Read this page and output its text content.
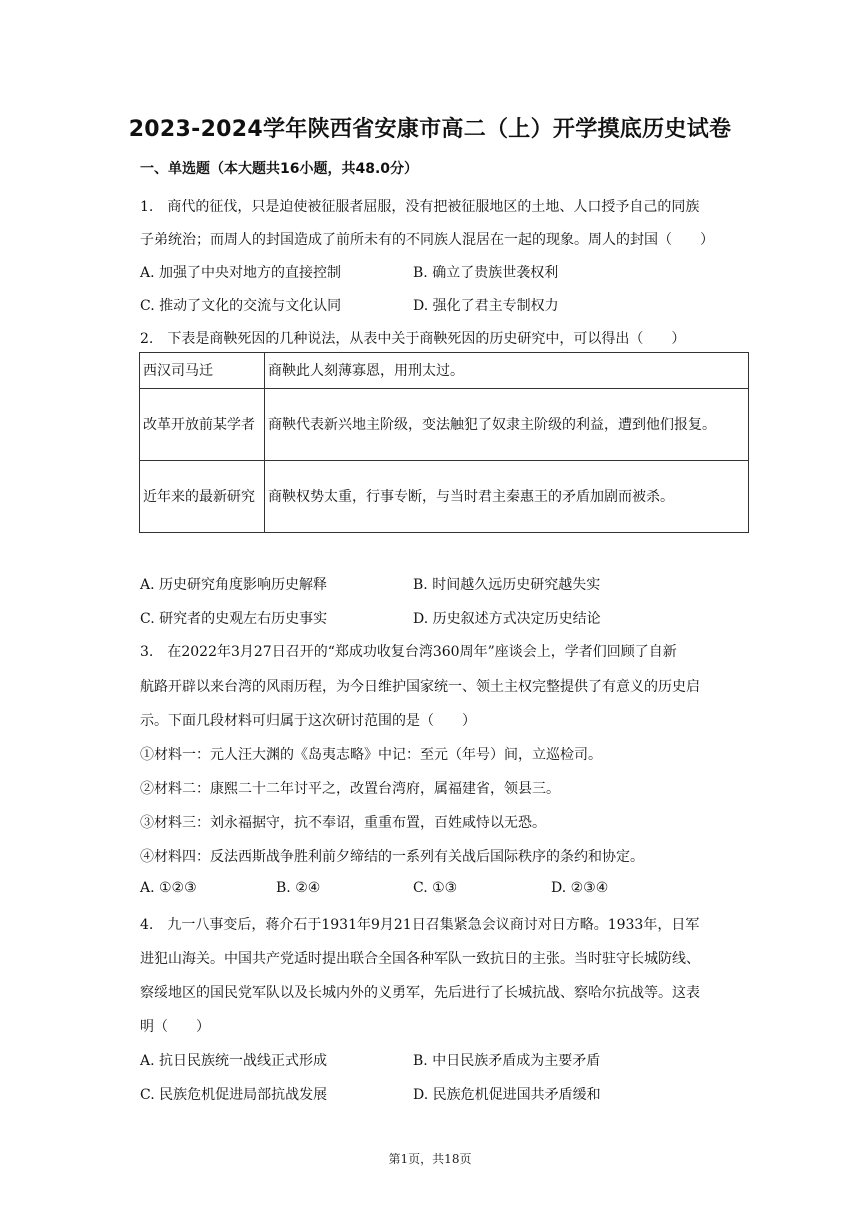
2023-2024学年陕西省安康市高二（上）开学摸底历史试卷
一、单选题（本大题共16小题，共48.0分）
1.　商代的征伐，只是迫使被征服者屈服，没有把被征服地区的土地、人口授予自己的同族
子弟统治；而周人的封国造成了前所未有的不同族人混居在一起的现象。周人的封国（　　）
A. 加强了中央对地方的直接控制	B. 确立了贵族世袭权利
C. 推动了文化的交流与文化认同	D. 强化了君主专制权力
2.　下表是商鞅死因的几种说法，从表中关于商鞅死因的历史研究中，可以得出（　　）
西汉司马迁	商鞅此人刻薄寡恩，用刑太过。
改革开放前某学者	商鞅代表新兴地主阶级，变法触犯了奴隶主阶级的利益，遭到他们报复。
近年来的最新研究	商鞅权势太重，行事专断，与当时君主秦惠王的矛盾加剧而被杀。
A. 历史研究角度影响历史解释	B. 时间越久远历史研究越失实
C. 研究者的史观左右历史事实	D. 历史叙述方式决定历史结论
3.　在2022年3月27日召开的“郑成功收复台湾360周年”座谈会上，学者们回顾了自新
航路开辟以来台湾的风雨历程，为今日维护国家统一、领土主权完整提供了有意义的历史启
示。下面几段材料可归属于这次研讨范围的是（　　）
①材料一：元人汪大渊的《岛夷志略》中记：至元（年号）间，立巡检司。
②材料二：康熙二十二年讨平之，改置台湾府，属福建省，领县三。
③材料三：刘永福据守，抗不奉诏，重重布置，百姓咸恃以无恐。
④材料四：反法西斯战争胜利前夕缔结的一系列有关战后国际秩序的条约和协定。
A. ①②③	B. ②④	C. ①③	D. ②③④
4.　九一八事变后，蒋介石于1931年9月21日召集紧急会议商讨对日方略。1933年，日军
进犯山海关。中国共产党适时提出联合全国各种军队一致抗日的主张。当时驻守长城防线、
察绥地区的国民党军队以及长城内外的义勇军，先后进行了长城抗战、察哈尔抗战等。这表
明（　　）
A. 抗日民族统一战线正式形成	B. 中日民族矛盾成为主要矛盾
C. 民族危机促进局部抗战发展	D. 民族危机促进国共矛盾缓和
第1页，共18页
